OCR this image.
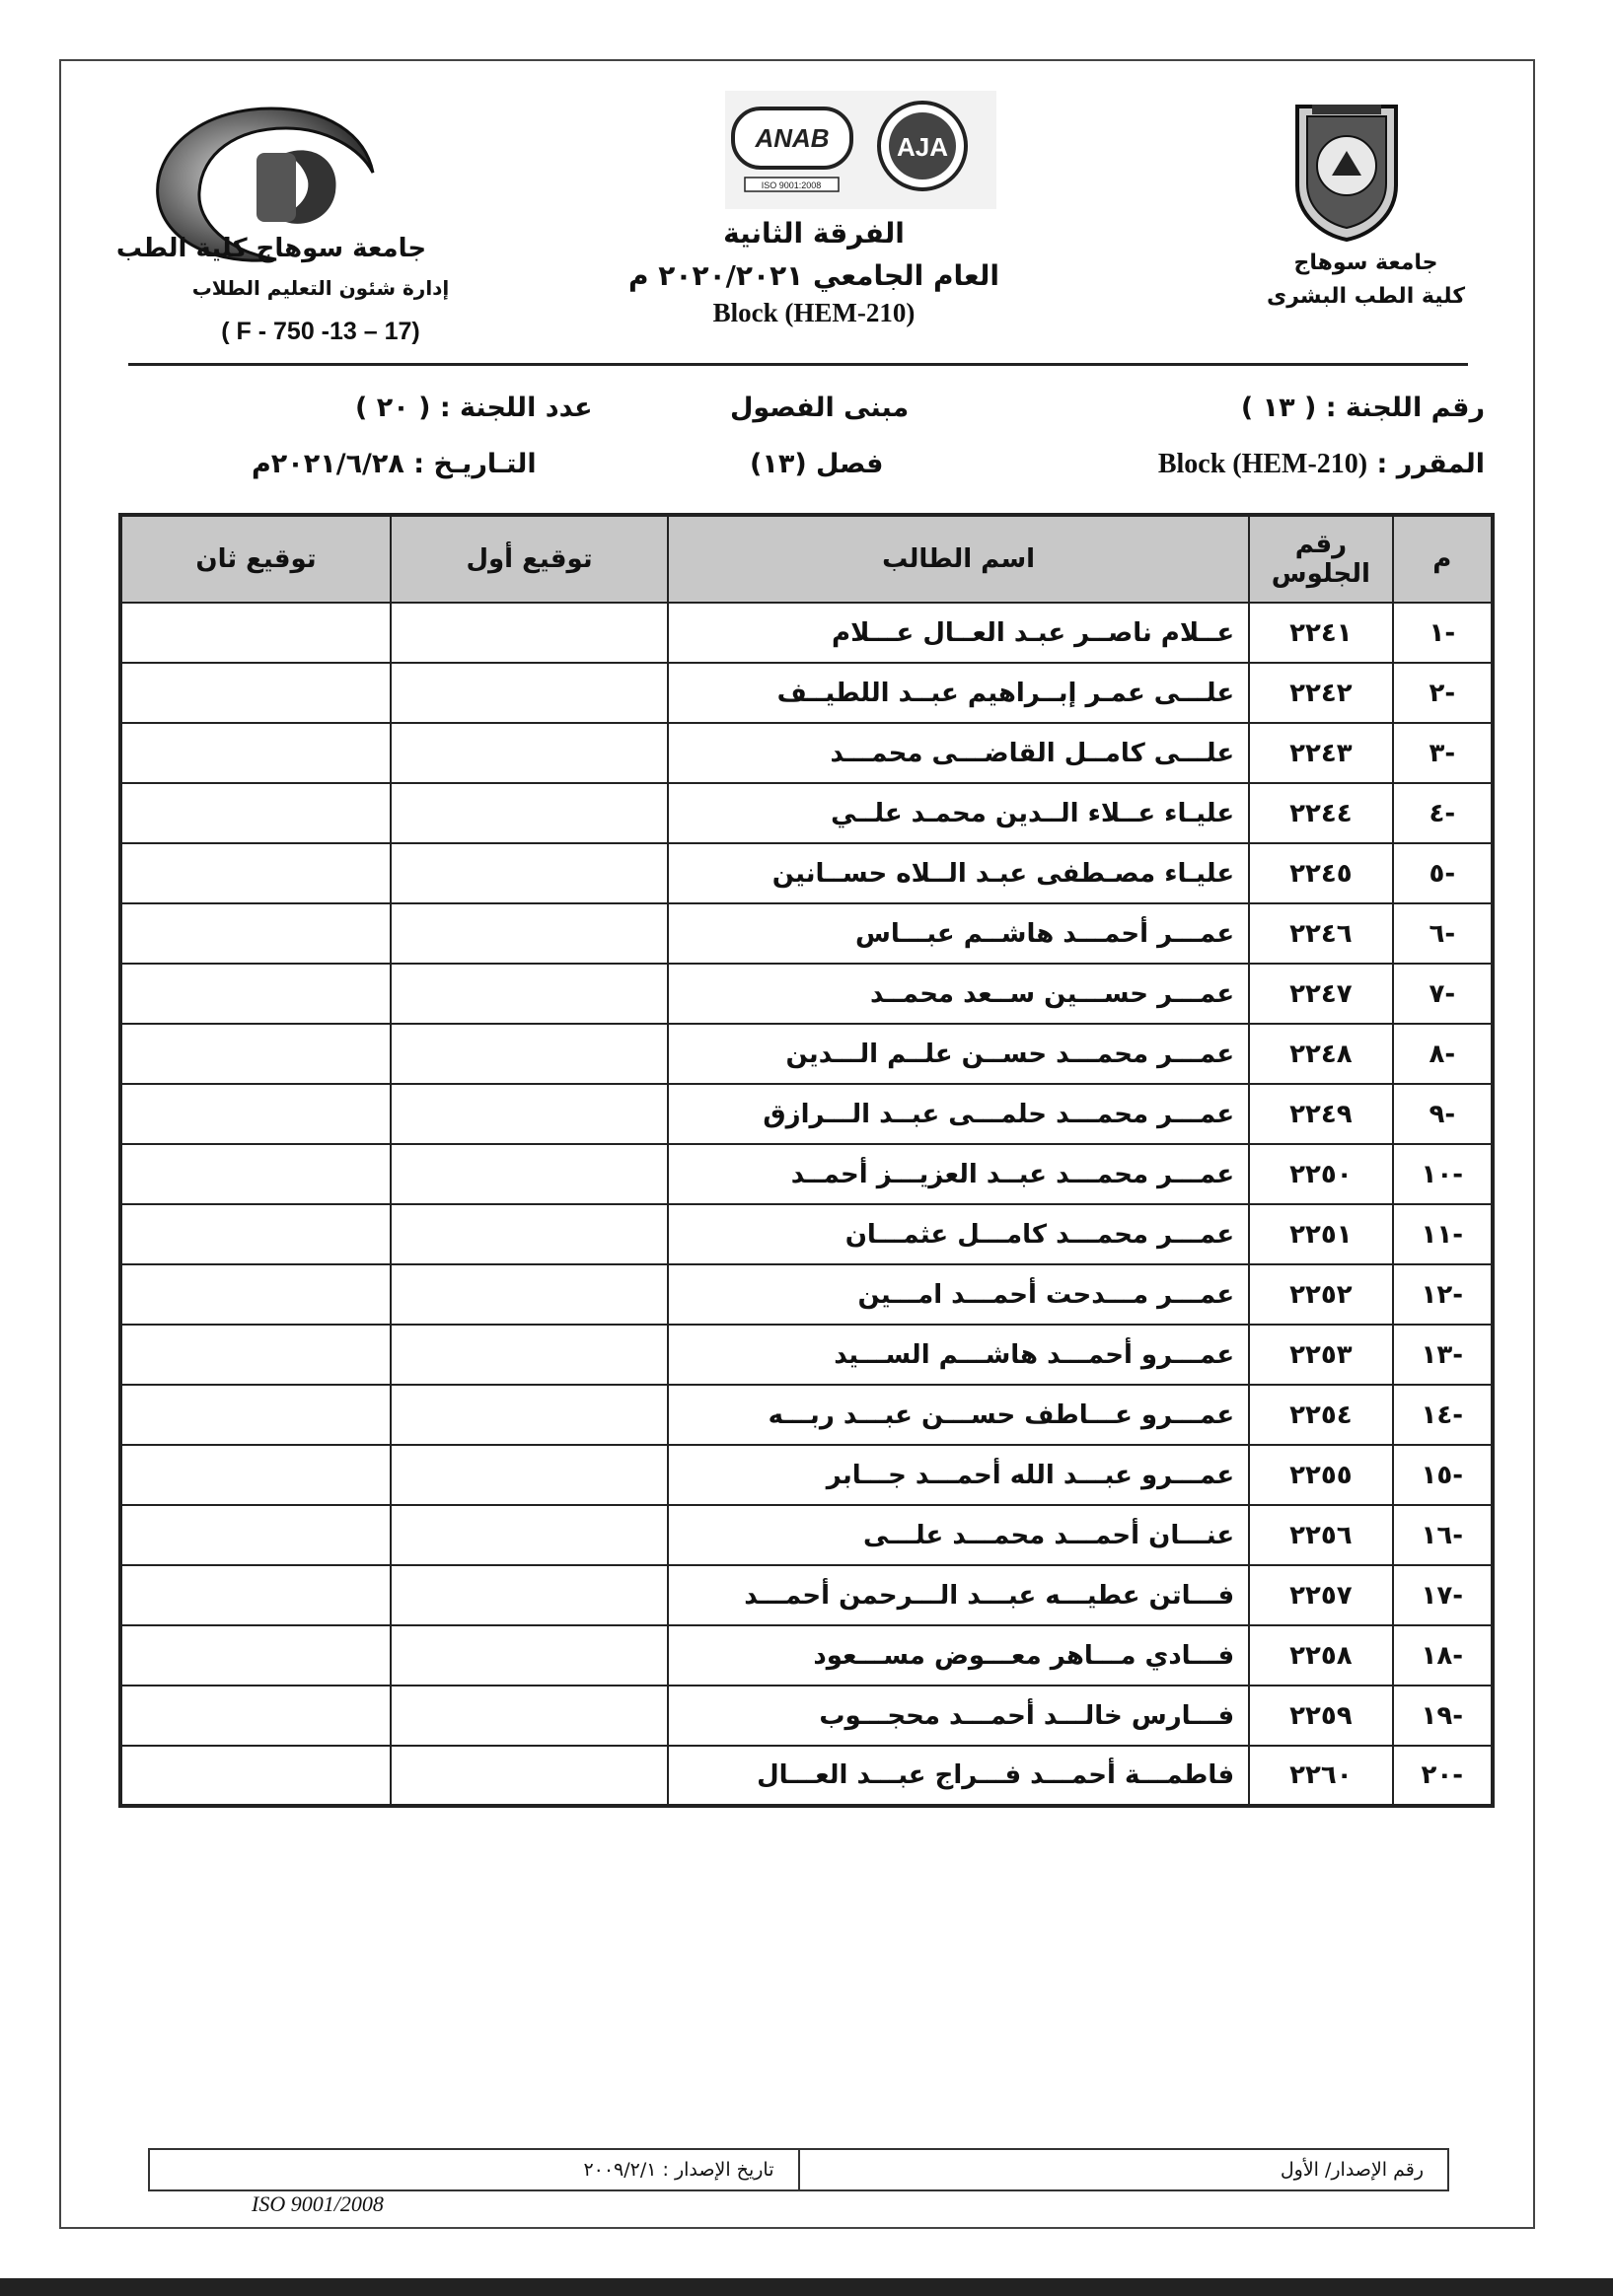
جامعة سوهاج كلية الطب
ANAB
ISO 9001:2008
AJA
الفرقة الثانية
العام الجامعي ٢٠٢٠/٢٠٢١ م
Block (HEM-210)
جامعة سوهاج
كلية الطب البشرى
إدارة شئون التعليم الطلاب
( F - 750 -13 – 17)
رقم اللجنة : ( ١٣ )
المقرر : Block (HEM-210)
مبنى الفصول
فصل (١٣)
عدد اللجنة : ( ٢٠ )
التـاريـخ : ٢٠٢١/٦/٢٨م
م	رقم الجلوس	اسم الطالب	توقيع أول	توقيع ثان
-١	٢٢٤١	عــلام ناصــر عبـد العــال عـــلام		
-٢	٢٢٤٢	علـــى عمـر إبــراهيم عبــد اللطيــف		
-٣	٢٢٤٣	علـــى كامــل القاضـــى محمـــد		
-٤	٢٢٤٤	عليـاء عــلاء الــدين محمـد علــي		
-٥	٢٢٤٥	عليـاء مصـطفى عبـد الــلاه حســانين		
-٦	٢٢٤٦	عمـــر أحمـــد هاشــم عبـــاس		
-٧	٢٢٤٧	عمـــر حســـين ســعد محمــد		
-٨	٢٢٤٨	عمـــر محمـــد حســن علــم الـــدين		
-٩	٢٢٤٩	عمـــر محمـــد حلمـــى عبــد الـــرازق		
-١٠	٢٢٥٠	عمـــر محمـــد عبــد العزيـــز أحمــد		
-١١	٢٢٥١	عمـــر محمـــد كامـــل عثمـــان		
-١٢	٢٢٥٢	عمـــر مـــدحت أحمـــد امـــين		
-١٣	٢٢٥٣	عمـــرو أحمـــد هاشـــم الســـيد		
-١٤	٢٢٥٤	عمـــرو عـــاطف حســـن عبـــد ربـــه		
-١٥	٢٢٥٥	عمـــرو عبـــد الله أحمـــد جـــابر		
-١٦	٢٢٥٦	عنـــان أحمـــد محمـــد علـــى		
-١٧	٢٢٥٧	فـــاتن عطيـــه عبـــد الـــرحمن أحمـــد		
-١٨	٢٢٥٨	فـــادي مـــاهر معـــوض مســـعود		
-١٩	٢٢٥٩	فـــارس خالـــد أحمـــد محجـــوب		
-٢٠	٢٢٦٠	فاطمـــة أحمـــد فـــراج عبـــد العـــال		
رقم الإصدار/ الأول
تاريخ الإصدار : ٢٠٠٩/٢/١
ISO 9001/2008
